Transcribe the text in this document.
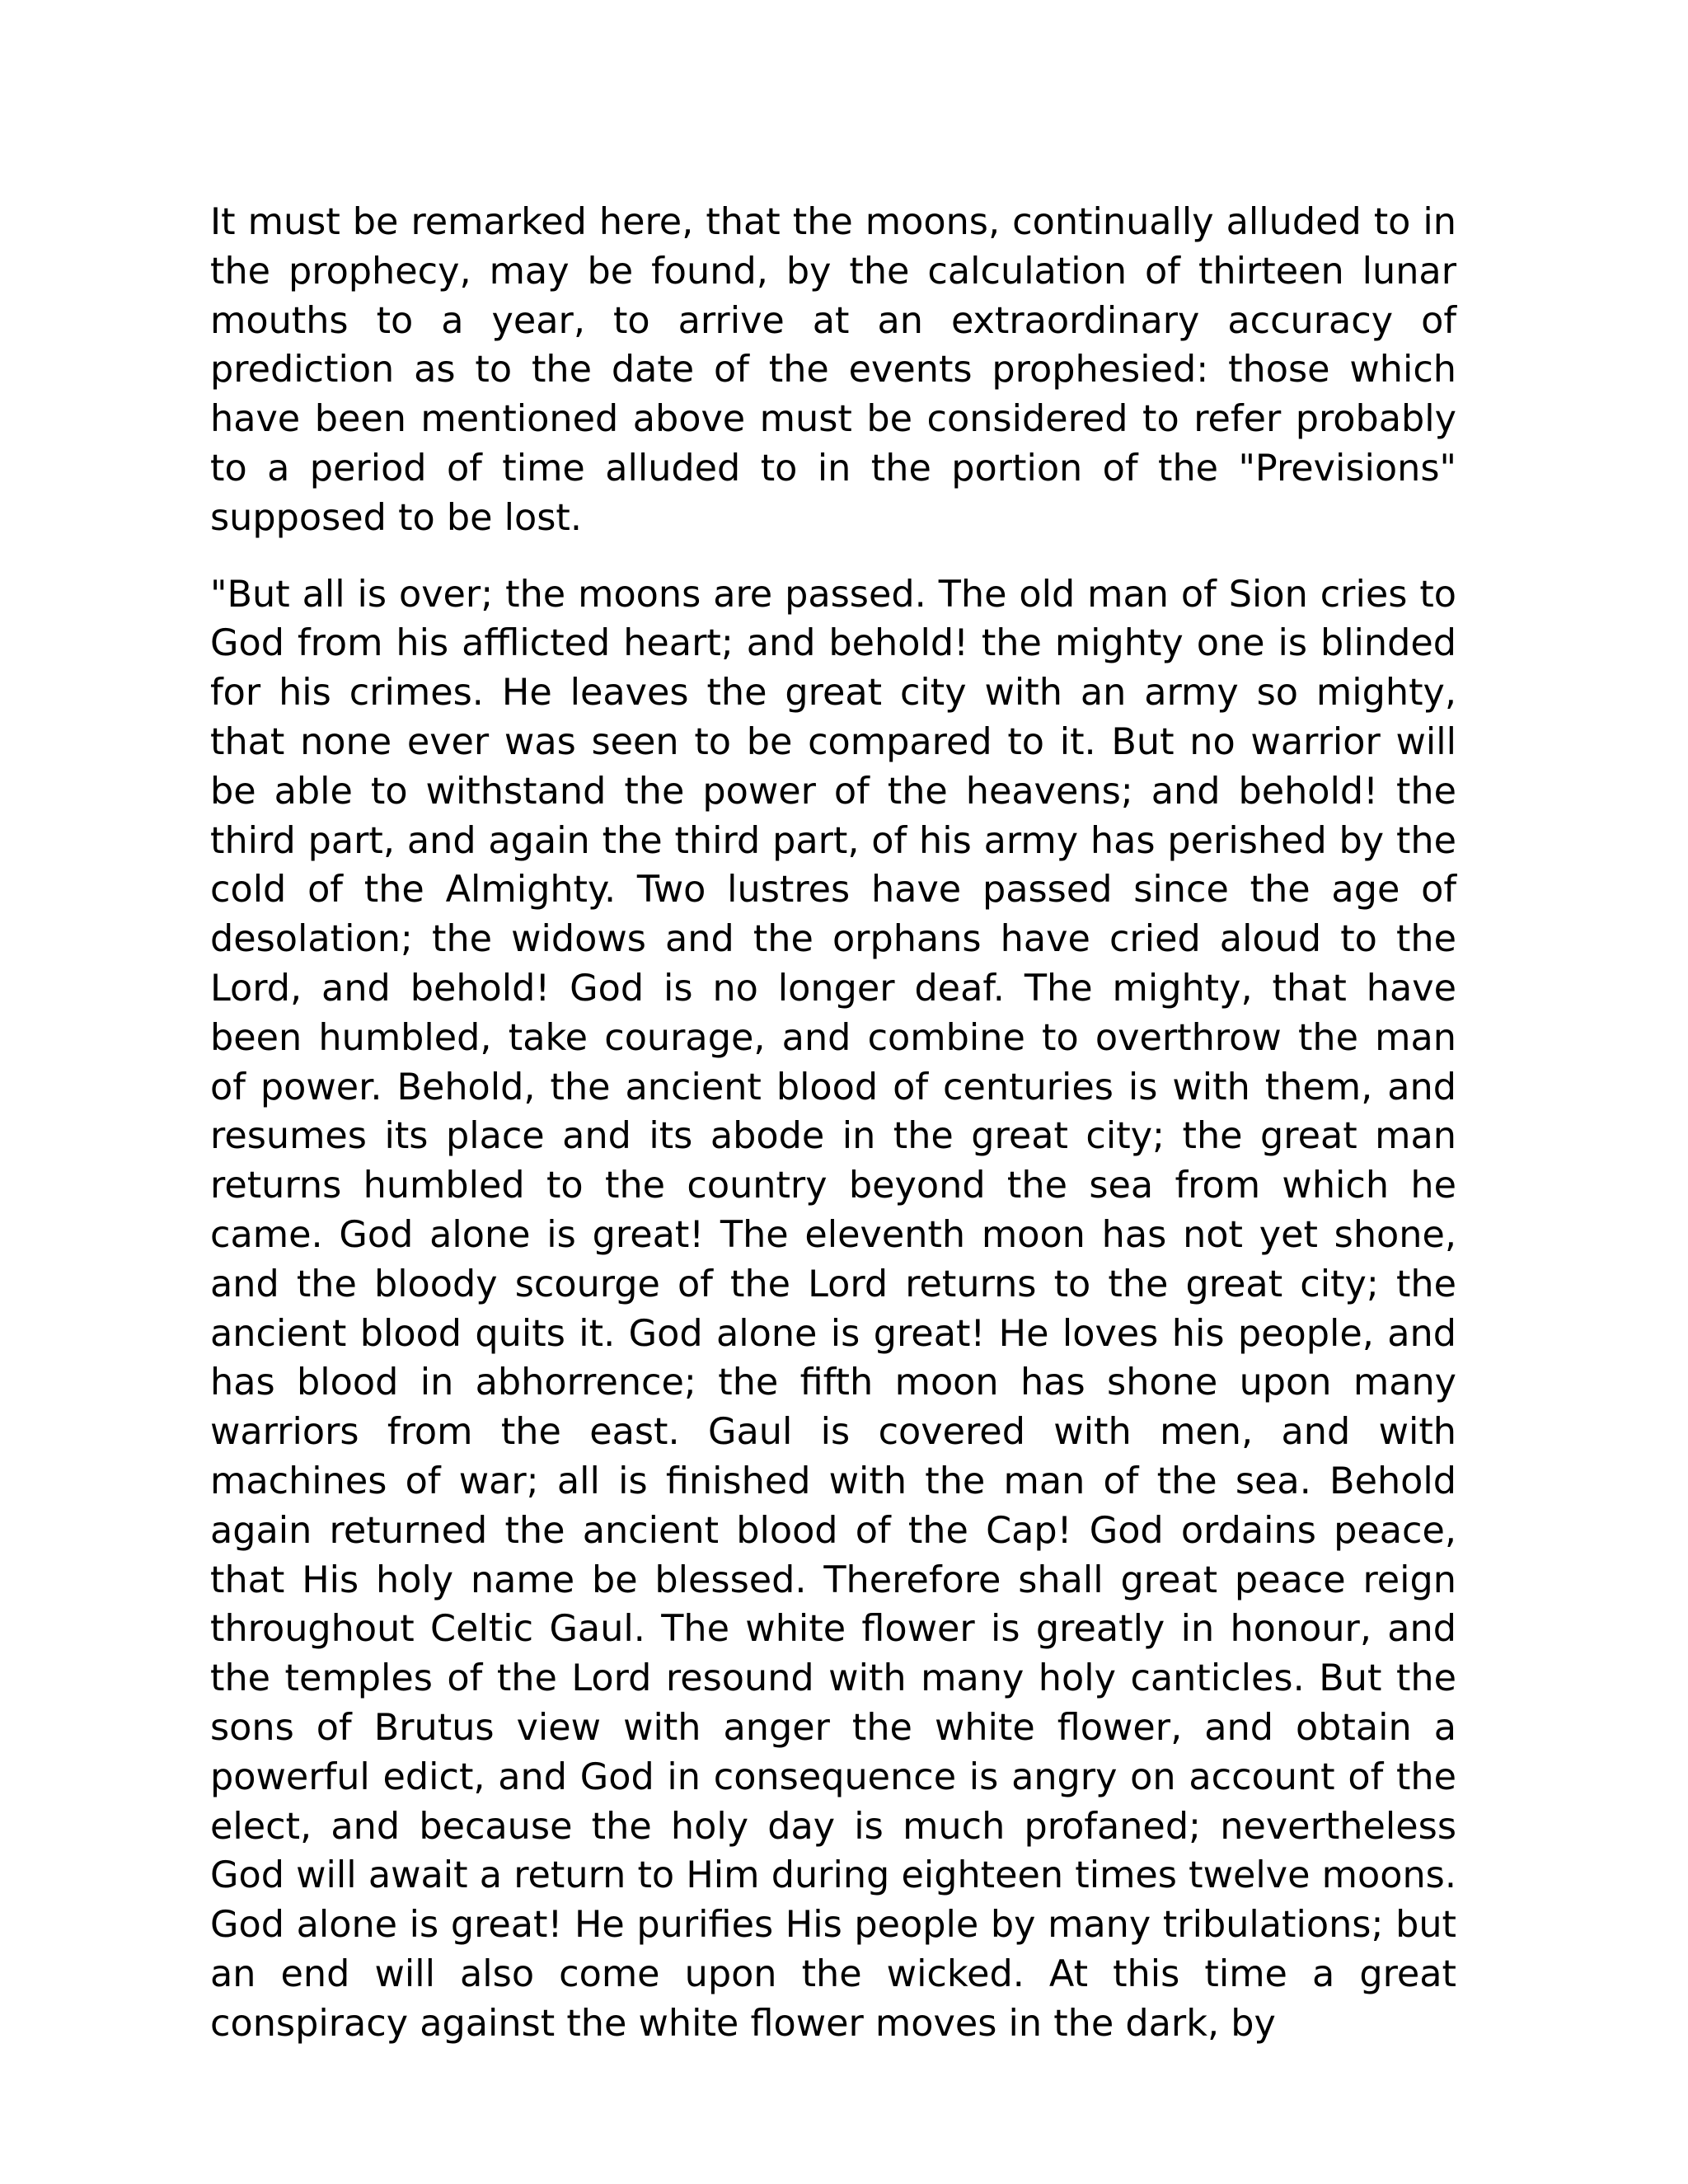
It must be remarked here, that the moons, continually alluded to in the prophecy, may be found, by the calculation of thirteen lunar mouths to a year, to arrive at an extraordinary accuracy of prediction as to the date of the events prophesied: those which have been mentioned above must be considered to refer probably to a period of time alluded to in the portion of the "Previsions" supposed to be lost.

"But all is over; the moons are passed. The old man of Sion cries to God from his afflicted heart; and behold! the mighty one is blinded for his crimes. He leaves the great city with an army so mighty, that none ever was seen to be compared to it. But no warrior will be able to withstand the power of the heavens; and behold! the third part, and again the third part, of his army has perished by the cold of the Almighty. Two lustres have passed since the age of desolation; the widows and the orphans have cried aloud to the Lord, and behold! God is no longer deaf. The mighty, that have been humbled, take courage, and combine to overthrow the man of power. Behold, the ancient blood of centuries is with them, and resumes its place and its abode in the great city; the great man returns humbled to the country beyond the sea from which he came. God alone is great! The eleventh moon has not yet shone, and the bloody scourge of the Lord returns to the great city; the ancient blood quits it. God alone is great! He loves his people, and has blood in abhorrence; the fifth moon has shone upon many warriors from the east. Gaul is covered with men, and with machines of war; all is finished with the man of the sea. Behold again returned the ancient blood of the Cap! God ordains peace, that His holy name be blessed. Therefore shall great peace reign throughout Celtic Gaul. The white flower is greatly in honour, and the temples of the Lord resound with many holy canticles. But the sons of Brutus view with anger the white flower, and obtain a powerful edict, and God in consequence is angry on account of the elect, and because the holy day is much profaned; nevertheless God will await a return to Him during eighteen times twelve moons. God alone is great! He purifies His people by many tribulations; but an end will also come upon the wicked. At this time a great conspiracy against the white flower moves in the dark, by
